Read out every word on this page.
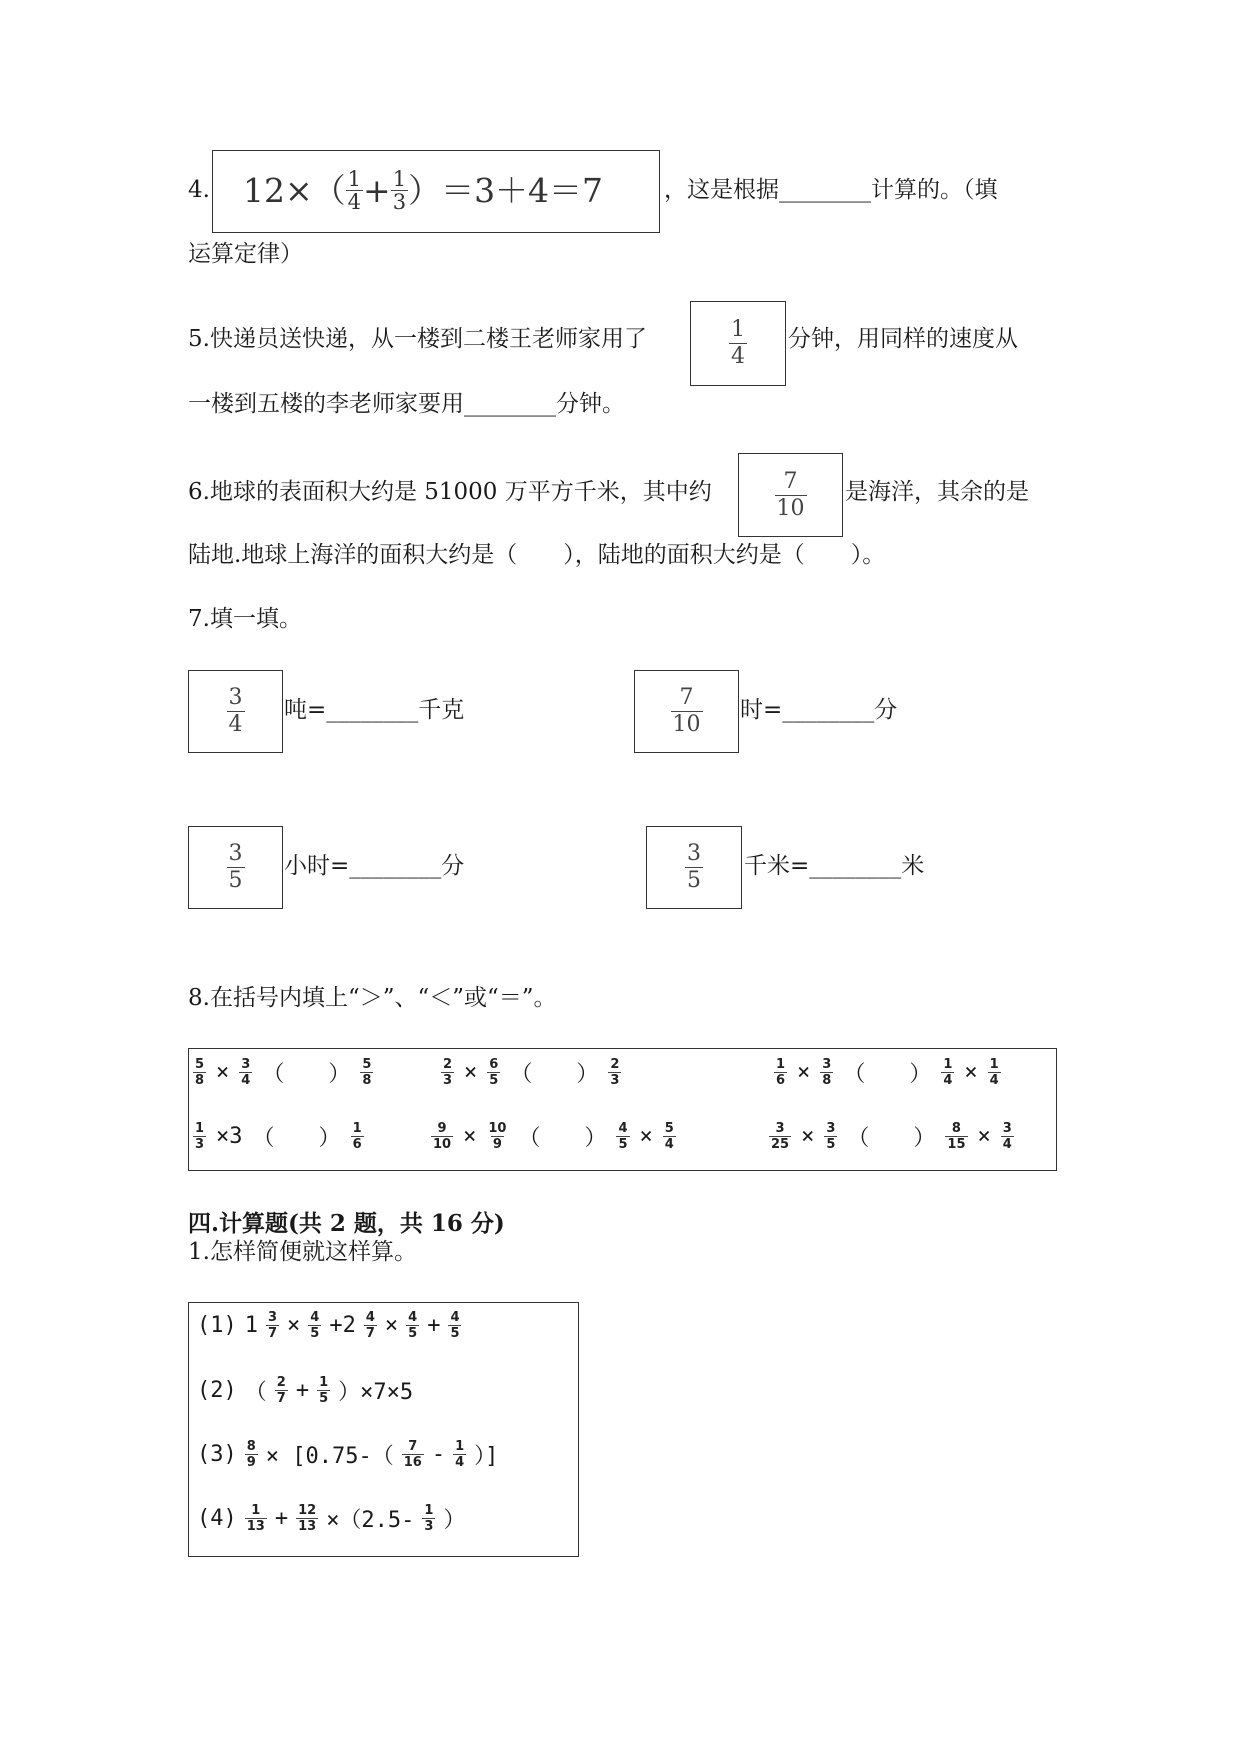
4. $12\times( \frac{1}{4} + \frac{1}{3} )=3+4=7$	，这是根据________计算的。（填
运算定律）
5.快递员送快递，从一楼到二楼王老师家用了	$\frac{1}{4}$ 分钟，用同样的速度从
一楼到五楼的李老师家要用________分钟。
6.地球的表面积大约是 51000 万平方千米，其中约	$\frac{7}{10}$ 是海洋，其余的是
陆地.地球上海洋的面积大约是（　　），陆地的面积大约是（　　）。
7.填一填。
$\frac{3}{4}$ 吨=________千克	$\frac{7}{10}$ 时=________分
$\frac{3}{5}$ 小时=________分	$\frac{3}{5}$ 千米=________米
8.在括号内填上“＞”、“＜”或“＝”。
$\frac{5}{8} \times \frac{3}{4}$ （　　） $\frac{5}{8}$	$\frac{2}{3} \times \frac{6}{5}$ （　　） $\frac{2}{3}$	$\frac{1}{6} \times \frac{3}{8}$ （　　） $\frac{1}{4} \times \frac{1}{4}$
$\frac{1}{3} \times 3$ （　　） $\frac{1}{6}$	$\frac{9}{10} \times \frac{10}{9}$ （　　） $\frac{4}{5} \times \frac{5}{4}$	$\frac{3}{25} \times \frac{3}{5}$ （　　） $\frac{8}{15} \times \frac{3}{4}$
四.计算题(共 2 题，共 16 分)
1.怎样简便就这样算。
(1) $1 \frac{3}{7} \times \frac{4}{5} +2 \frac{4}{7} \times \frac{4}{5} + \frac{4}{5}$
(2) （ $\frac{2}{7} + \frac{1}{5} )\times 7\times 5$
$(3) \frac{8}{9} \times [0.75-( \frac{7}{16} - \frac{1}{4}$ ）]
$(4) \frac{1}{13} + \frac{12}{13} \times(2.5- \frac{1}{3}$ ）
